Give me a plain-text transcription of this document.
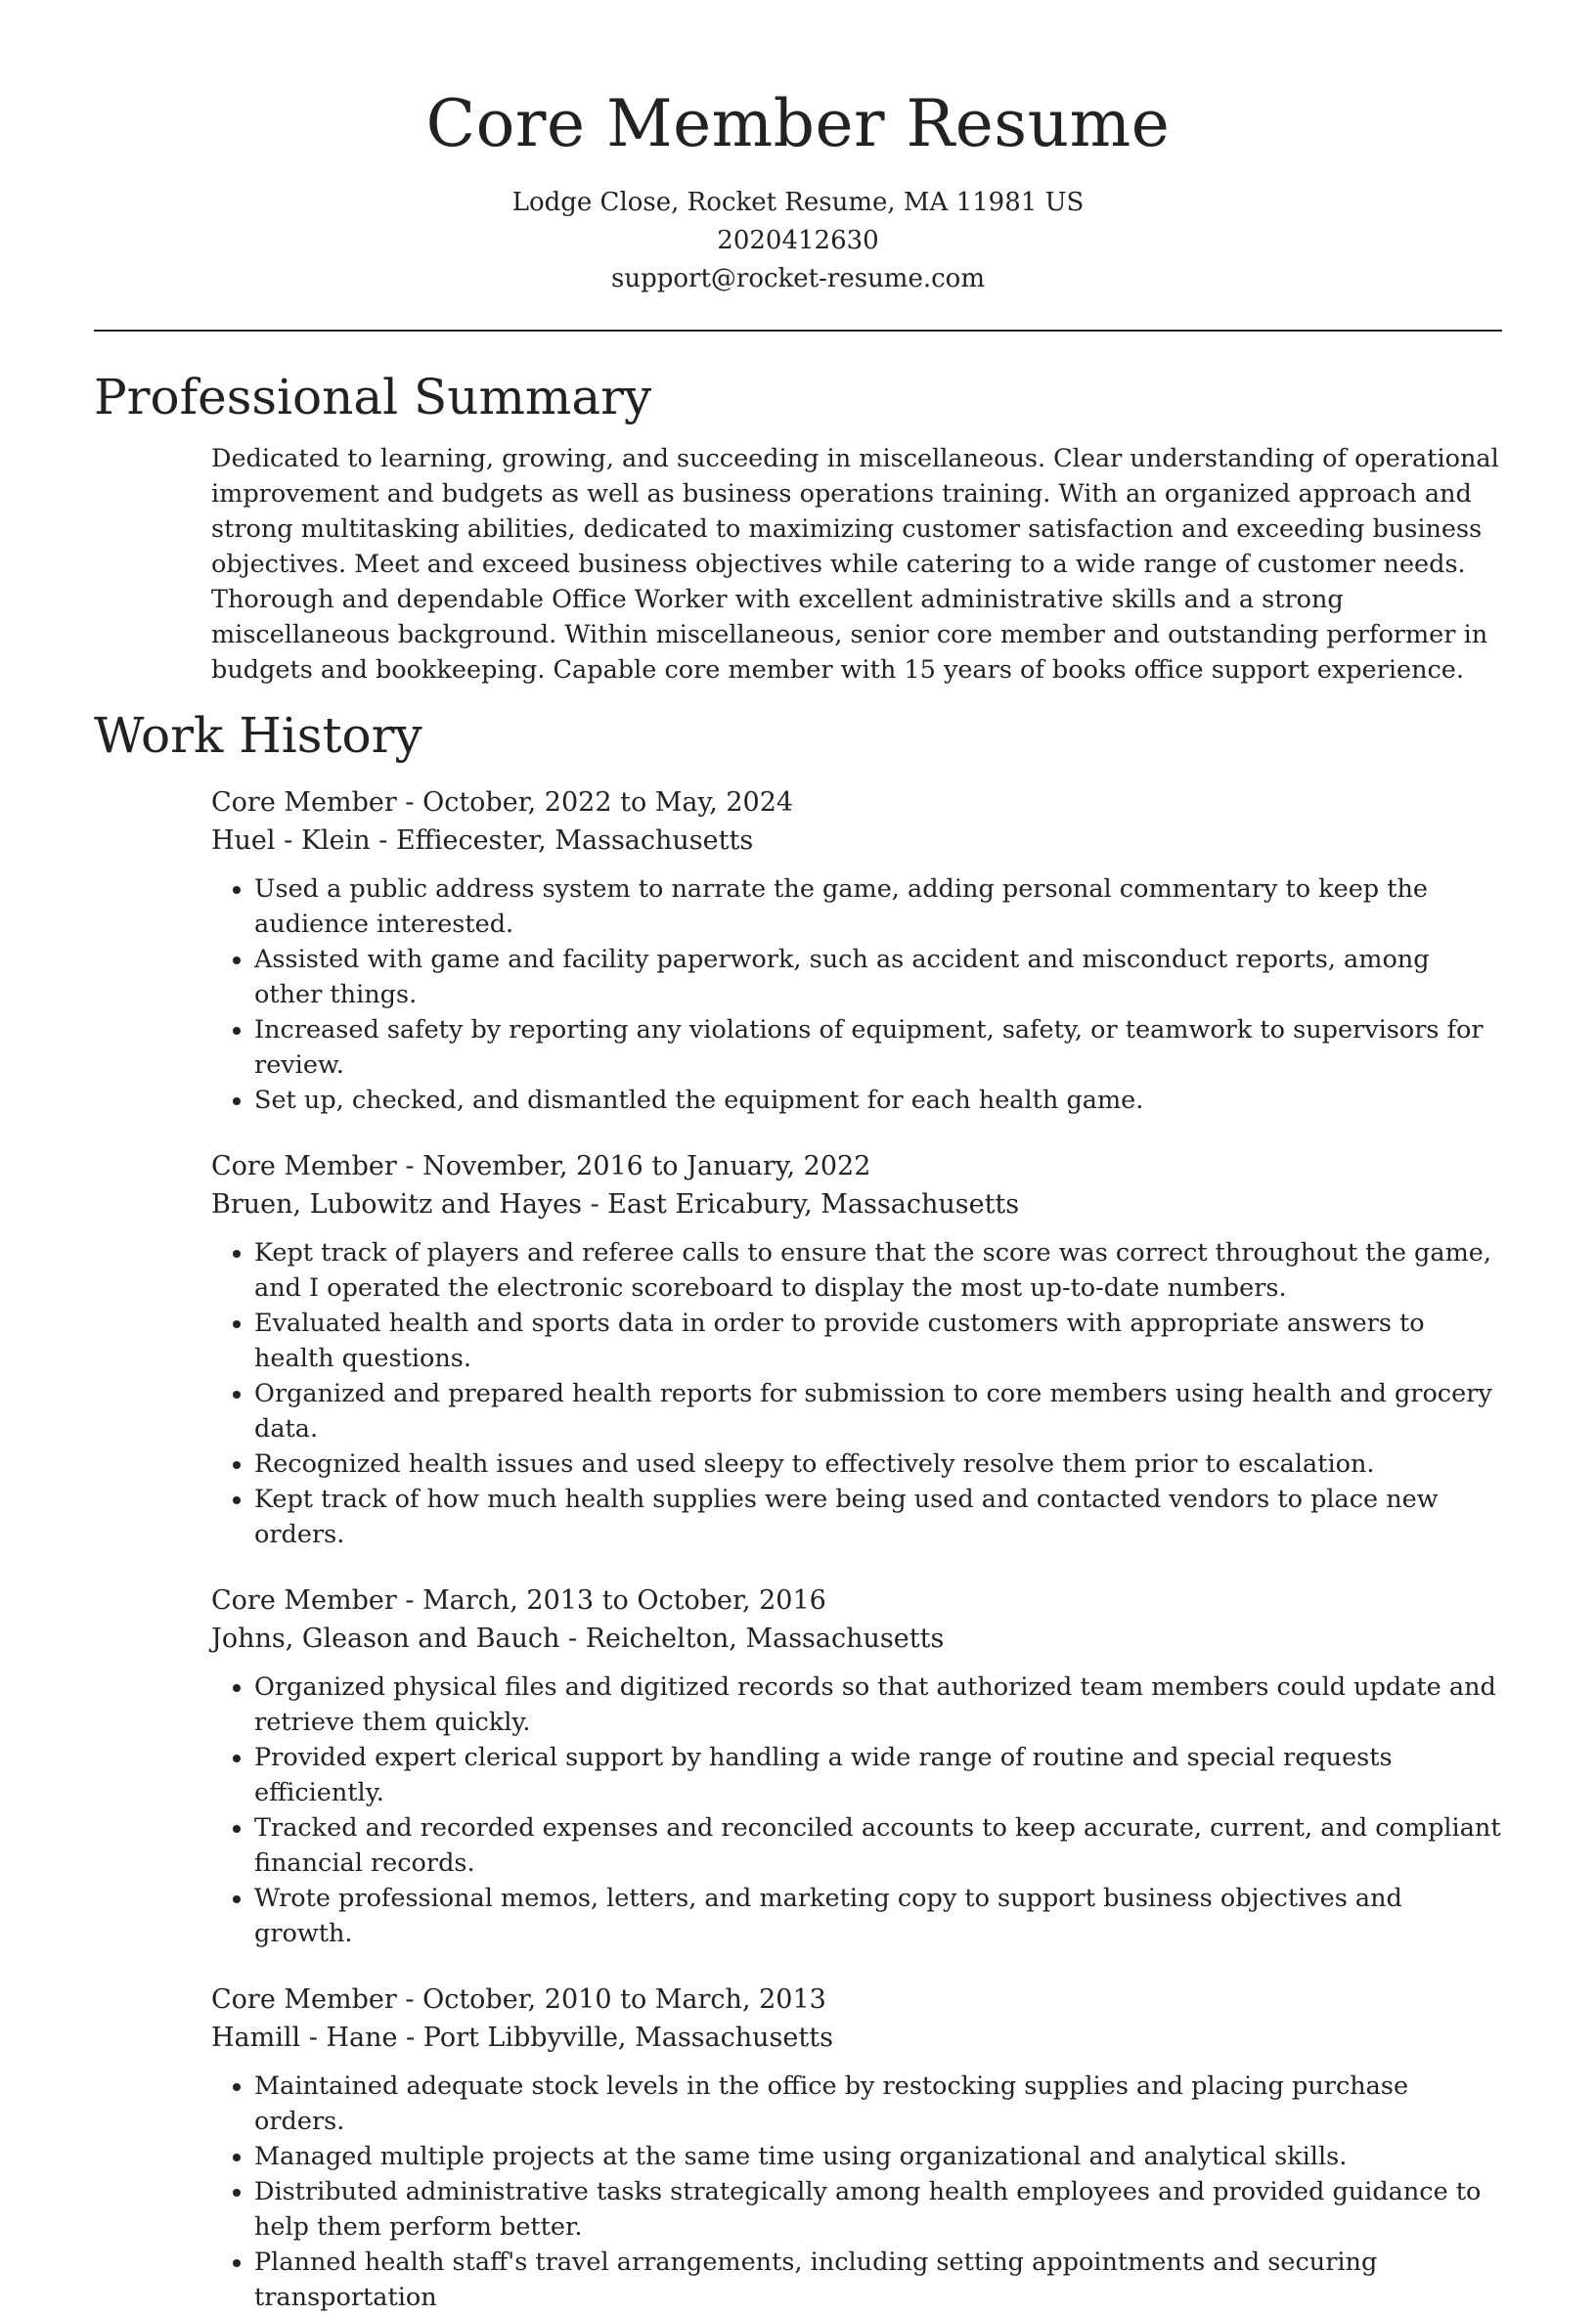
Core Member Resume

Lodge Close, Rocket Resume, MA 11981 US

2020412630

support@rocket-resume.com

Professional Summary

Dedicated to learning, growing, and succeeding in miscellaneous. Clear understanding of operational improvement and budgets as well as business operations training. With an organized approach and strong multitasking abilities, dedicated to maximizing customer satisfaction and exceeding business objectives. Meet and exceed business objectives while catering to a wide range of customer needs. Thorough and dependable Office Worker with excellent administrative skills and a strong miscellaneous background. Within miscellaneous, senior core member and outstanding performer in budgets and bookkeeping. Capable core member with 15 years of books office support experience.

Work History

Core Member - October, 2022 to May, 2024

Huel - Klein - Effiecester, Massachusetts

• Used a public address system to narrate the game, adding personal commentary to keep the audience interested.
• Assisted with game and facility paperwork, such as accident and misconduct reports, among other things.
• Increased safety by reporting any violations of equipment, safety, or teamwork to supervisors for review.
• Set up, checked, and dismantled the equipment for each health game.

Core Member - November, 2016 to January, 2022

Bruen, Lubowitz and Hayes - East Ericabury, Massachusetts

• Kept track of players and referee calls to ensure that the score was correct throughout the game, and I operated the electronic scoreboard to display the most up-to-date numbers.
• Evaluated health and sports data in order to provide customers with appropriate answers to health questions.
• Organized and prepared health reports for submission to core members using health and grocery data.
• Recognized health issues and used sleepy to effectively resolve them prior to escalation.
• Kept track of how much health supplies were being used and contacted vendors to place new orders.

Core Member - March, 2013 to October, 2016

Johns, Gleason and Bauch - Reichelton, Massachusetts

• Organized physical files and digitized records so that authorized team members could update and retrieve them quickly.
• Provided expert clerical support by handling a wide range of routine and special requests efficiently.
• Tracked and recorded expenses and reconciled accounts to keep accurate, current, and compliant financial records.
• Wrote professional memos, letters, and marketing copy to support business objectives and growth.

Core Member - October, 2010 to March, 2013

Hamill - Hane - Port Libbyville, Massachusetts

• Maintained adequate stock levels in the office by restocking supplies and placing purchase orders.
• Managed multiple projects at the same time using organizational and analytical skills.
• Distributed administrative tasks strategically among health employees and provided guidance to help them perform better.
• Planned health staff's travel arrangements, including setting appointments and securing transportation
